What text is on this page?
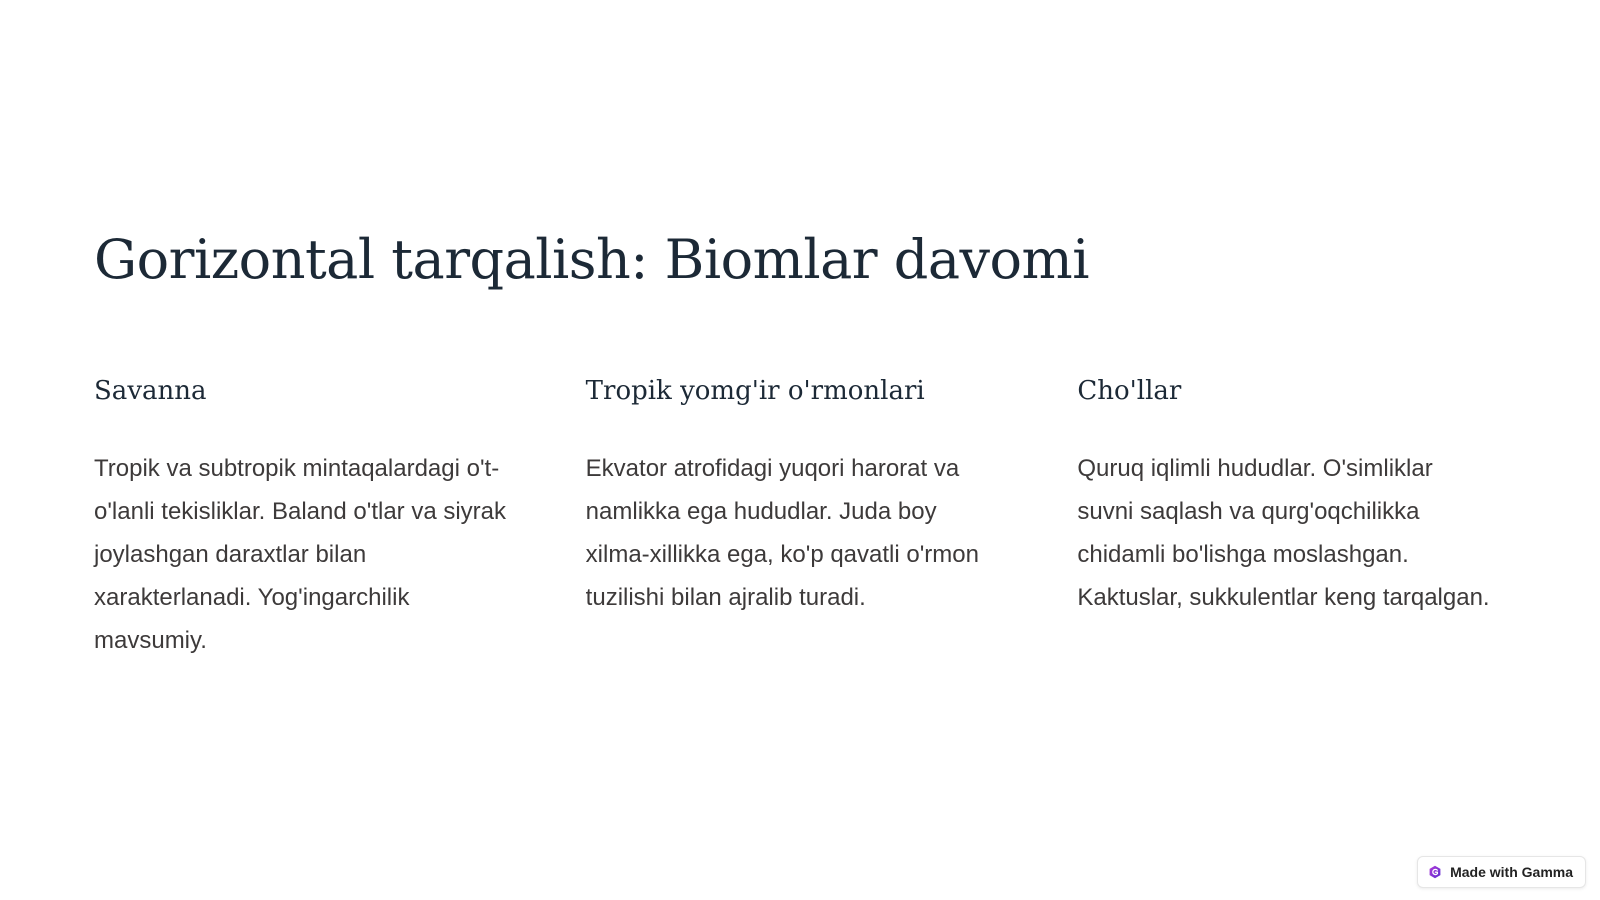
Gorizontal tarqalish: Biomlar davomi
Savanna

Tropik va subtropik mintaqalardagi o't-o'lanli tekisliklar. Baland o'tlar va siyrak joylashgan daraxtlar bilan xarakterlanadi. Yog'ingarchilik mavsumiy.

Tropik yomg'ir o'rmonlari

Ekvator atrofidagi yuqori harorat va namlikka ega hududlar. Juda boy xilma-xillikka ega, ko'p qavatli o'rmon tuzilishi bilan ajralib turadi.

Cho'llar

Quruq iqlimli hududlar. O'simliklar suvni saqlash va qurg'oqchilikka chidamli bo'lishga moslashgan. Kaktuslar, sukkulentlar keng tarqalgan.

Made with Gamma
